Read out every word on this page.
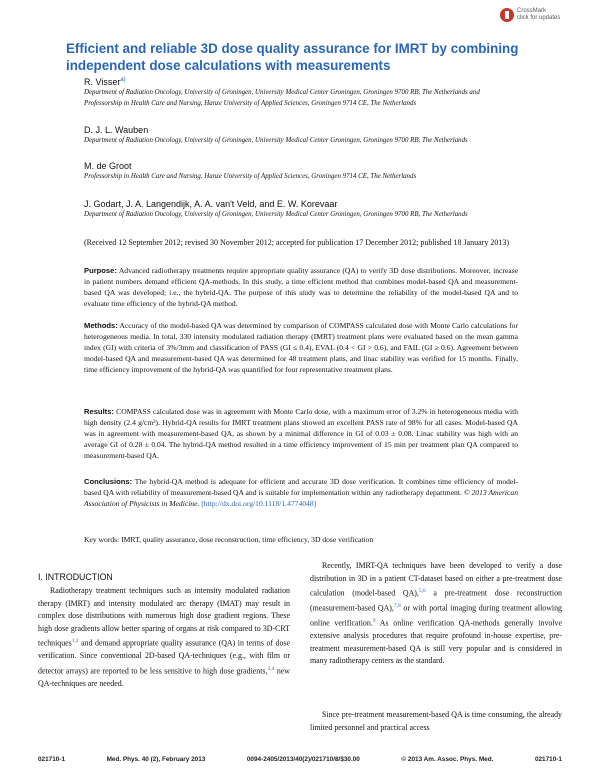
CrossMark
click for updates
Efficient and reliable 3D dose quality assurance for IMRT by combining independent dose calculations with measurements
R. Visser$^{a)}$

Department of Radiation Oncology, University of Groningen, University Medical Center Groningen, Groningen 9700 RB, The Netherlands and Professorship in Health Care and Nursing, Hanze University of Applied Sciences, Groningen 9714 CE, The Netherlands

D. J. L. Wauben

Department of Radiation Oncology, University of Groningen, University Medical Center Groningen, Groningen 9700 RB, The Netherlands

M. de Groot

Professorship in Health Care and Nursing, Hanze University of Applied Sciences, Groningen 9714 CE, The Netherlands

J. Godart, J. A. Langendijk, A. A. van't Veld, and E. W. Korevaar

Department of Radiation Oncology, University of Groningen, University Medical Center Groningen, Groningen 9700 RB, The Netherlands

(Received 12 September 2012; revised 30 November 2012; accepted for publication 17 December 2012; published 18 January 2013)

Purpose: Advanced radiotherapy treatments require appropriate quality assurance (QA) to verify 3D dose distributions. Moreover, increase in patient numbers demand efficient QA-methods. In this study, a time efficient method that combines model-based QA and measurement-based QA was developed; i.e., the hybrid-QA. The purpose of this study was to determine the reliability of the model-based QA and to evaluate time efficiency of the hybrid-QA method.

Methods: Accuracy of the model-based QA was determined by comparison of COMPASS calculated dose with Monte Carlo calculations for heterogeneous media. In total, 330 intensity modulated radiation therapy (IMRT) treatment plans were evaluated based on the mean gamma index (GI) with criteria of 3%/3mm and classification of PASS (GI ≤ 0.4), EVAL (0.4 < GI > 0.6), and FAIL (GI ≥ 0.6). Agreement between model-based QA and measurement-based QA was determined for 48 treatment plans, and linac stability was verified for 15 months. Finally, time efficiency improvement of the hybrid-QA was quantified for four representative treatment plans.

Results: COMPASS calculated dose was in agreement with Monte Carlo dose, with a maximum error of 3.2% in heterogeneous media with high density (2.4 g/cm³). Hybrid-QA results for IMRT treatment plans showed an excellent PASS rate of 98% for all cases. Model-based QA was in agreement with measurement-based QA, as shown by a minimal difference in GI of 0.03 ± 0.08. Linac stability was high with an average GI of 0.28 ± 0.04. The hybrid-QA method resulted in a time efficiency improvement of 15 min per treatment plan QA compared to measurement-based QA.

Conclusions: The hybrid-QA method is adequate for efficient and accurate 3D dose verification. It combines time efficiency of model-based QA with reliability of measurement-based QA and is suitable for implementation within any radiotherapy department. © 2013 American Association of Physicists in Medicine. [http://dx.doi.org/10.1118/1.4774048]

Key words: IMRT, quality assurance, dose reconstruction, time efficiency, 3D dose verification

I. INTRODUCTION

Radiotherapy treatment techniques such as intensity modulated radiation therapy (IMRT) and intensity modulated arc therapy (IMAT) may result in complex dose distributions with numerous high dose gradient regions. These high dose gradients allow better sparing of organs at risk compared to 3D-CRT techniques$^{1,2}$ and demand appropriate quality assurance (QA) in terms of dose verification. Since conventional 2D-based QA-techniques (e.g., with film or detector arrays) are reported to be less sensitive to high dose gradients,$^{3,4}$ new QA-techniques are needed.

Recently, IMRT-QA techniques have been developed to verify a dose distribution in 3D in a patient CT-dataset based on either a pre-treatment dose calculation (model-based QA),$^{5,6}$ a pre-treatment dose reconstruction (measurement-based QA),$^{7,8}$ or with portal imaging during treatment allowing online verification.$^9$ As online verification QA-methods generally involve extensive analysis procedures that require profound in-house expertise, pre-treatment measurement-based QA is still very popular and is considered in many radiotherapy centers as the standard.

Since pre-treatment measurement-based QA is time consuming, the already limited personnel and practical access

021710-1	Med. Phys. 40 (2), February 2013	0094-2405/2013/40(2)/021710/8/$30.00	© 2013 Am. Assoc. Phys. Med.	021710-1
